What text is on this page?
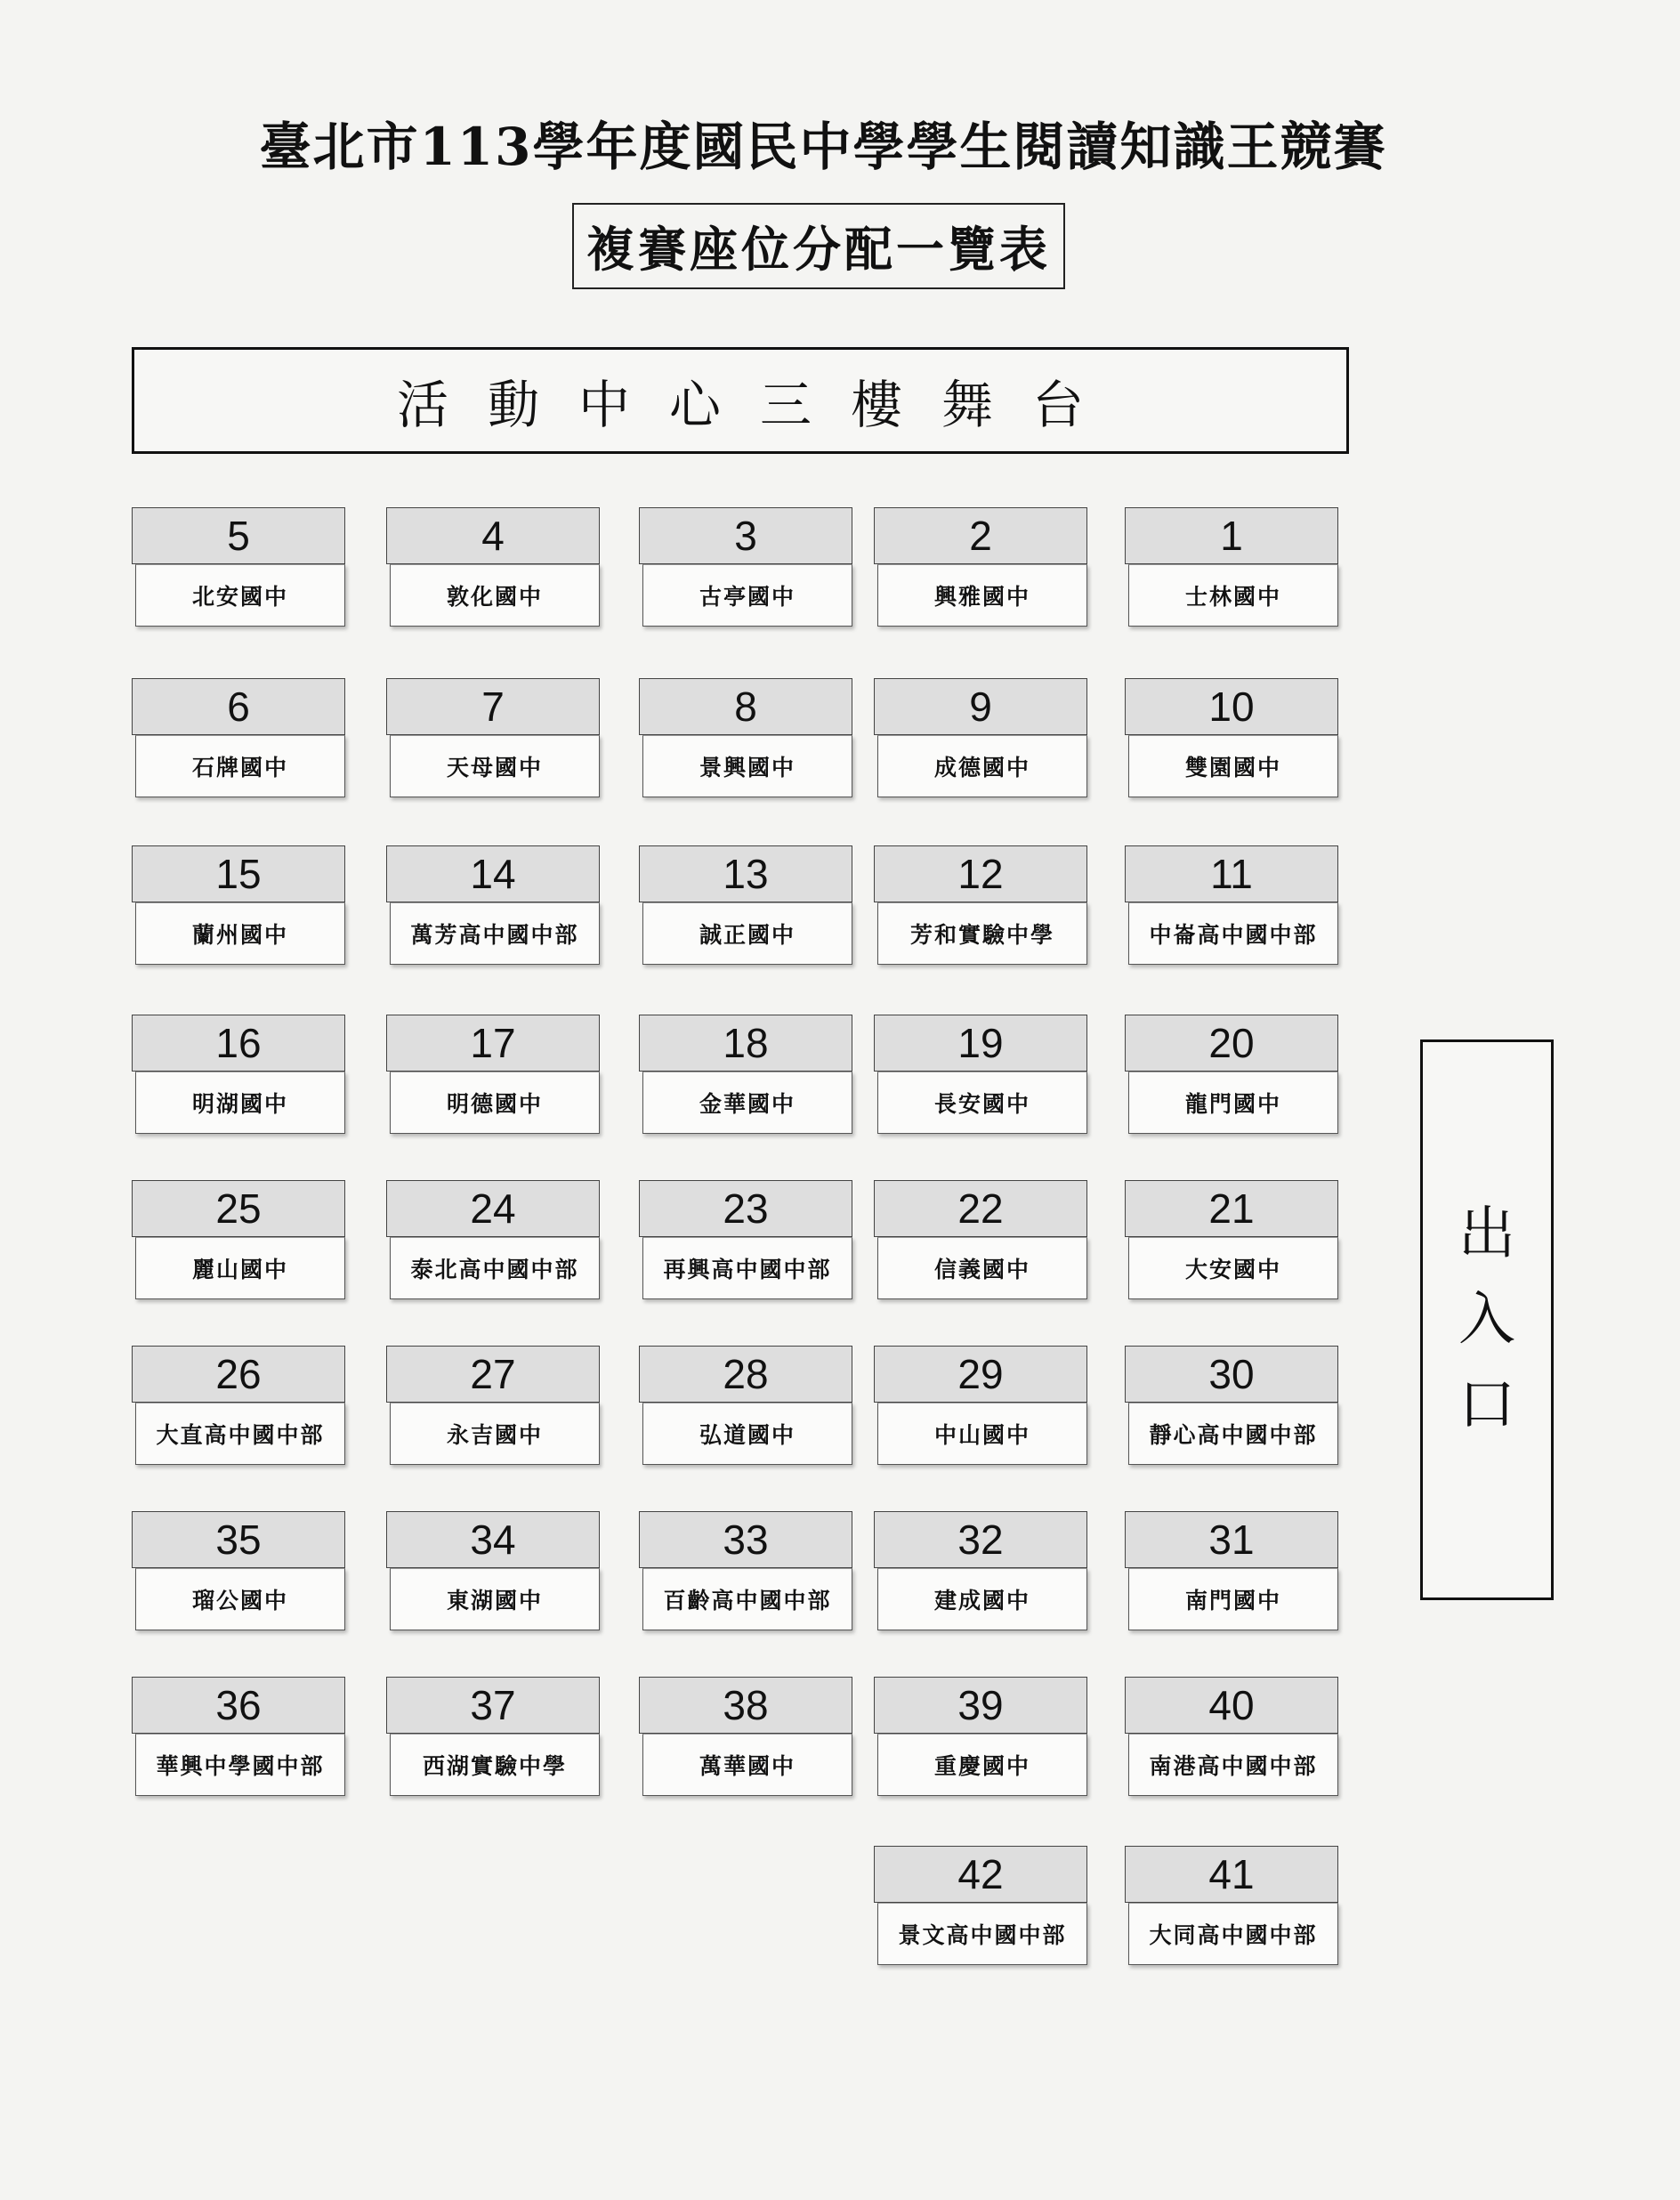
臺北市113學年度國民中學學生閱讀知識王競賽
複賽座位分配一覽表
活動中心三樓舞台
5
北安國中
4
敦化國中
3
古亭國中
2
興雅國中
1
士林國中
6
石牌國中
7
天母國中
8
景興國中
9
成德國中
10
雙園國中
15
蘭州國中
14
萬芳高中國中部
13
誠正國中
12
芳和實驗中學
11
中崙高中國中部
16
明湖國中
17
明德國中
18
金華國中
19
長安國中
20
龍門國中
25
麗山國中
24
泰北高中國中部
23
再興高中國中部
22
信義國中
21
大安國中
26
大直高中國中部
27
永吉國中
28
弘道國中
29
中山國中
30
靜心高中國中部
35
瑠公國中
34
東湖國中
33
百齡高中國中部
32
建成國中
31
南門國中
36
華興中學國中部
37
西湖實驗中學
38
萬華國中
39
重慶國中
40
南港高中國中部
42
景文高中國中部
41
大同高中國中部
出
入
口
